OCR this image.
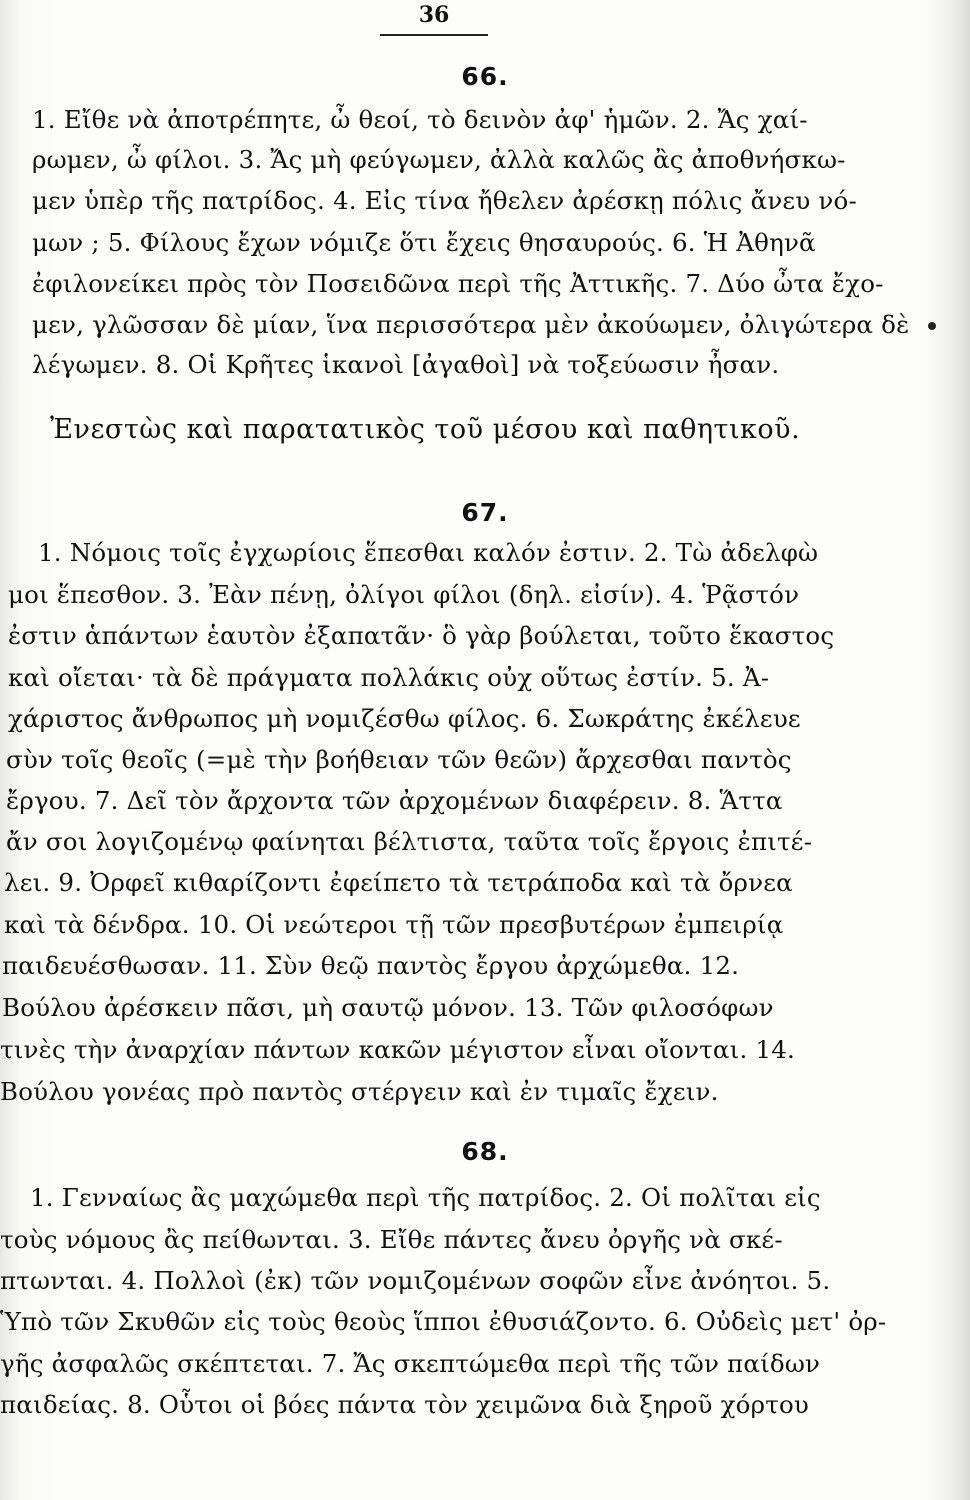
36
66.
1. Εἴθε νὰ ἀποτρέπητε, ὦ θεοί, τὸ δεινὸν ἀφ' ἡμῶν. 2. Ἄς χαί-
ρωμεν, ὦ φίλοι. 3. Ἄς μὴ φεύγωμεν, ἀλλὰ καλῶς ἂς ἀποθνήσκω-
μεν ὑπὲρ τῆς πατρίδος. 4. Εἰς τίνα ἤθελεν ἀρέσκῃ πόλις ἄνευ νό-
μων ; 5. Φίλους ἔχων νόμιζε ὅτι ἔχεις θησαυρούς. 6. Ἡ Ἀθηνᾶ
ἐφιλονείκει πρὸς τὸν Ποσειδῶνα περὶ τῆς Ἀττικῆς. 7. Δύο ὦτα ἔχο-
μεν, γλῶσσαν δὲ μίαν, ἵνα περισσότερα μὲν ἀκούωμεν, ὀλιγώτερα δὲ
λέγωμεν. 8. Οἱ Κρῆτες ἱκανοὶ [ἀγαθοὶ] νὰ τοξεύωσιν ἦσαν.
Ἐνεστὼς καὶ παρατατικὸς τοῦ μέσου καὶ παθητικοῦ.
67.
1. Νόμοις τοῖς ἐγχωρίοις ἕπεσθαι καλόν ἐστιν. 2. Τὼ ἀδελφὼ
μοι ἕπεσθον. 3. Ἐὰν πένῃ, ὀλίγοι φίλοι (δηλ. εἰσίν). 4. Ῥᾷστόν
ἐστιν ἁπάντων ἑαυτὸν ἐξαπατᾶν· ὃ γὰρ βούλεται, τοῦτο ἕκαστος
καὶ οἴεται· τὰ δὲ πράγματα πολλάκις οὐχ οὕτως ἐστίν. 5. Ἀ-
χάριστος ἄνθρωπος μὴ νομιζέσθω φίλος. 6. Σωκράτης ἐκέλευε
σὺν τοῖς θεοῖς (=μὲ τὴν βοήθειαν τῶν θεῶν) ἄρχεσθαι παντὸς
ἔργου. 7. Δεῖ τὸν ἄρχοντα τῶν ἀρχομένων διαφέρειν. 8. Ἅττα
ἄν σοι λογιζομένῳ φαίνηται βέλτιστα, ταῦτα τοῖς ἔργοις ἐπιτέ-
λει. 9. Ὀρφεῖ κιθαρίζοντι ἐφείπετο τὰ τετράποδα καὶ τὰ ὄρνεα
καὶ τὰ δένδρα. 10. Οἱ νεώτεροι τῇ τῶν πρεσβυτέρων ἐμπειρίᾳ
παιδευέσθωσαν. 11. Σὺν θεῷ παντὸς ἔργου ἀρχώμεθα. 12.
Βούλου ἀρέσκειν πᾶσι, μὴ σαυτῷ μόνον. 13. Τῶν φιλοσόφων
τινὲς τὴν ἀναρχίαν πάντων κακῶν μέγιστον εἶναι οἴονται. 14.
Βούλου γονέας πρὸ παντὸς στέργειν καὶ ἐν τιμαῖς ἔχειν.
68.
1. Γενναίως ἂς μαχώμεθα περὶ τῆς πατρίδος. 2. Οἱ πολῖται εἰς
τοὺς νόμους ἂς πείθωνται. 3. Εἴθε πάντες ἄνευ ὀργῆς νὰ σκέ-
πτωνται. 4. Πολλοὶ (ἐκ) τῶν νομιζομένων σοφῶν εἶνε ἀνόητοι. 5.
Ὑπὸ τῶν Σκυθῶν εἰς τοὺς θεοὺς ἵπποι ἐθυσιάζοντο. 6. Οὐδεὶς μετ' ὀρ-
γῆς ἀσφαλῶς σκέπτεται. 7. Ἄς σκεπτώμεθα περὶ τῆς τῶν παίδων
παιδείας. 8. Οὗτοι οἱ βόες πάντα τὸν χειμῶνα διὰ ξηροῦ χόρτου
